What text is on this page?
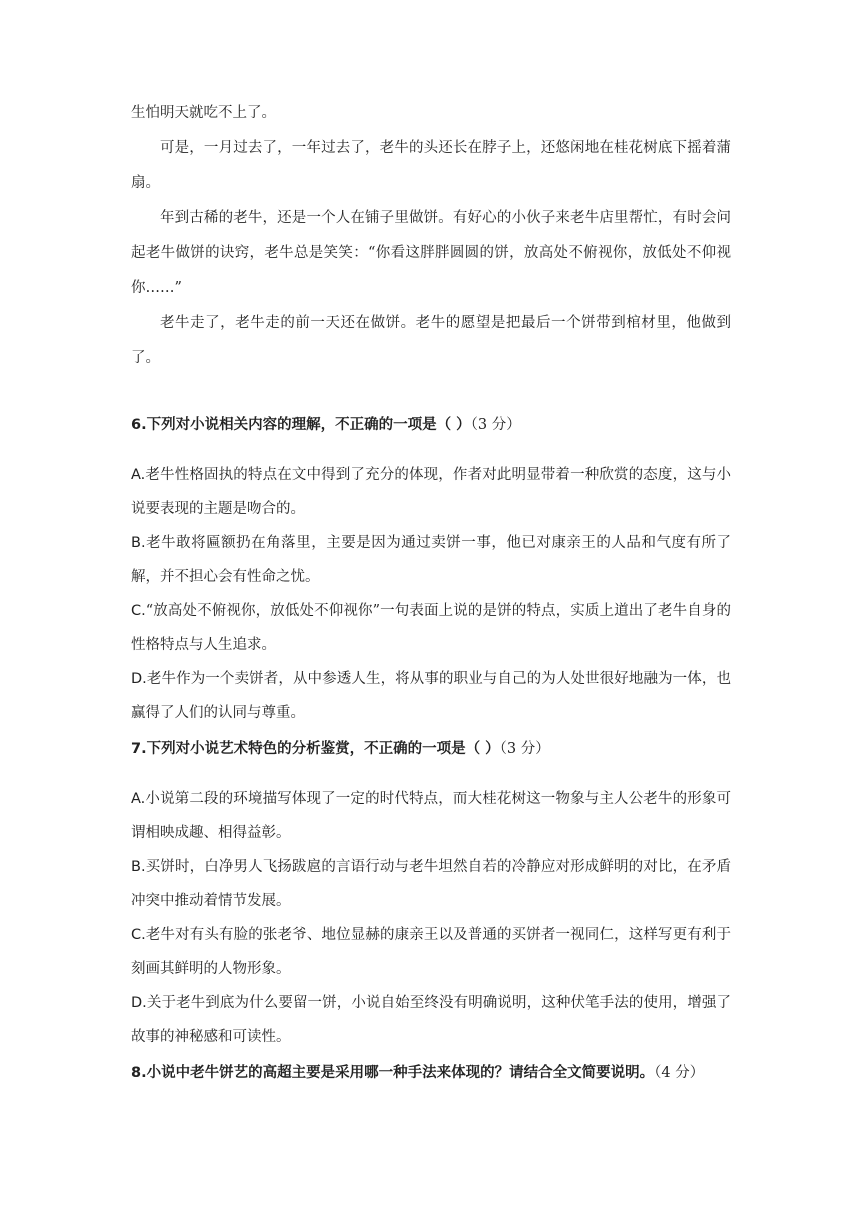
生怕明天就吃不上了。

可是，一月过去了，一年过去了，老牛的头还长在脖子上，还悠闲地在桂花树底下摇着蒲扇。

年到古稀的老牛，还是一个人在铺子里做饼。有好心的小伙子来老牛店里帮忙，有时会问起老牛做饼的诀窍，老牛总是笑笑：“你看这胖胖圆圆的饼，放高处不俯视你，放低处不仰视你……”

老牛走了，老牛走的前一天还在做饼。老牛的愿望是把最后一个饼带到棺材里，他做到了。

6.下列对小说相关内容的理解，不正确的一项是（ ）（3 分）

A.老牛性格固执的特点在文中得到了充分的体现，作者对此明显带着一种欣赏的态度，这与小说要表现的主题是吻合的。

B.老牛敢将匾额扔在角落里，主要是因为通过卖饼一事，他已对康亲王的人品和气度有所了解，并不担心会有性命之忧。

C.“放高处不俯视你，放低处不仰视你”一句表面上说的是饼的特点，实质上道出了老牛自身的性格特点与人生追求。

D.老牛作为一个卖饼者，从中参透人生，将从事的职业与自己的为人处世很好地融为一体，也赢得了人们的认同与尊重。

7.下列对小说艺术特色的分析鉴赏，不正确的一项是（ ）（3 分）

A.小说第二段的环境描写体现了一定的时代特点，而大桂花树这一物象与主人公老牛的形象可谓相映成趣、相得益彰。

B.买饼时，白净男人飞扬跋扈的言语行动与老牛坦然自若的冷静应对形成鲜明的对比，在矛盾冲突中推动着情节发展。

C.老牛对有头有脸的张老爷、地位显赫的康亲王以及普通的买饼者一视同仁，这样写更有利于刻画其鲜明的人物形象。

D.关于老牛到底为什么要留一饼，小说自始至终没有明确说明，这种伏笔手法的使用，增强了故事的神秘感和可读性。

8.小说中老牛饼艺的高超主要是采用哪一种手法来体现的？请结合全文简要说明。（4 分）
